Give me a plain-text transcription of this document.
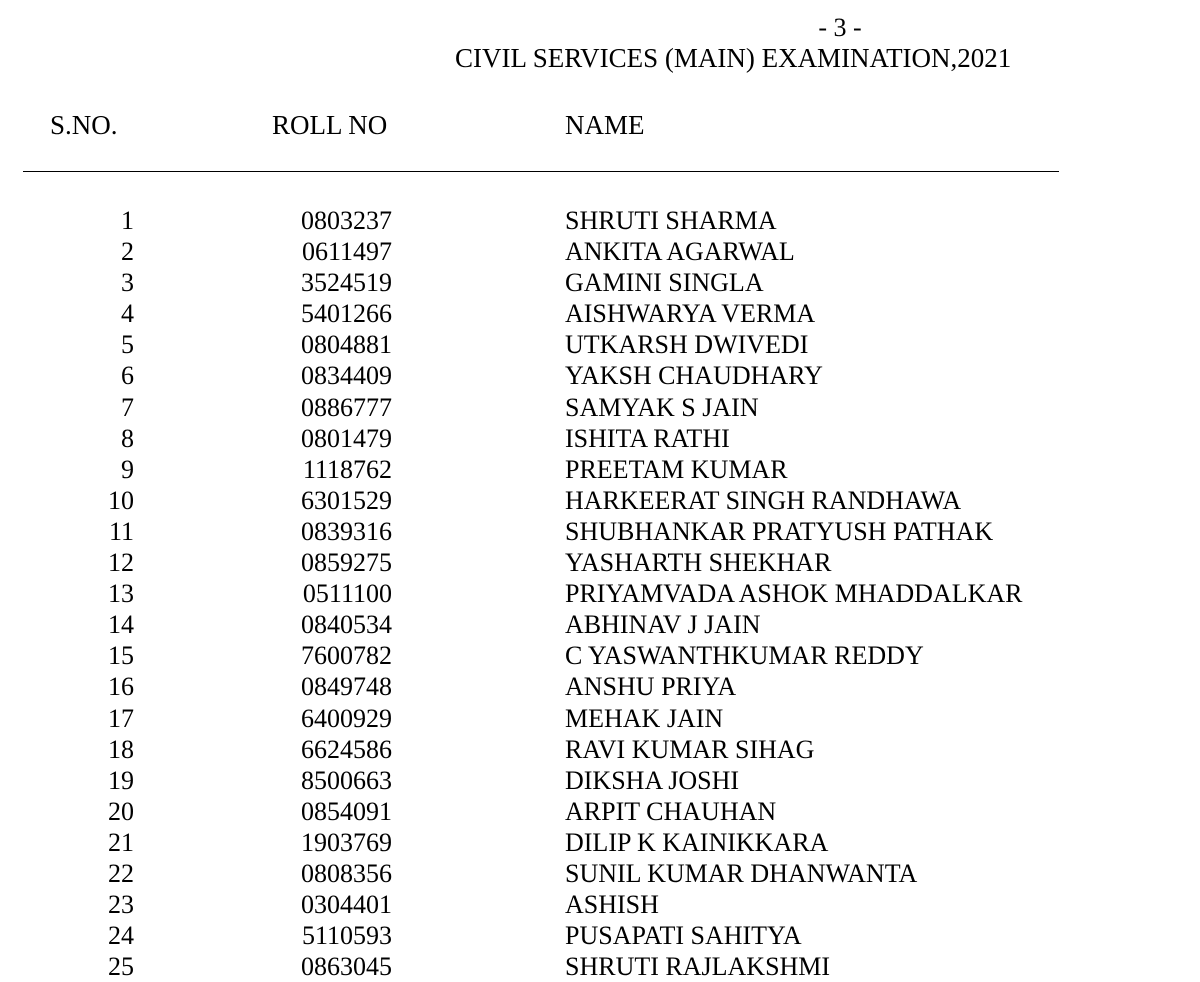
- 3 -
CIVIL SERVICES (MAIN) EXAMINATION,2021
S.NO.	ROLL NO	NAME
1	0803237	SHRUTI SHARMA
2	0611497	ANKITA AGARWAL
3	3524519	GAMINI SINGLA
4	5401266	AISHWARYA VERMA
5	0804881	UTKARSH DWIVEDI
6	0834409	YAKSH CHAUDHARY
7	0886777	SAMYAK S JAIN
8	0801479	ISHITA RATHI
9	1118762	PREETAM KUMAR
10	6301529	HARKEERAT SINGH RANDHAWA
11	0839316	SHUBHANKAR PRATYUSH PATHAK
12	0859275	YASHARTH SHEKHAR
13	0511100	PRIYAMVADA ASHOK MHADDALKAR
14	0840534	ABHINAV J JAIN
15	7600782	C YASWANTHKUMAR REDDY
16	0849748	ANSHU PRIYA
17	6400929	MEHAK JAIN
18	6624586	RAVI KUMAR SIHAG
19	8500663	DIKSHA JOSHI
20	0854091	ARPIT CHAUHAN
21	1903769	DILIP K KAINIKKARA
22	0808356	SUNIL KUMAR DHANWANTA
23	0304401	ASHISH
24	5110593	PUSAPATI SAHITYA
25	0863045	SHRUTI RAJLAKSHMI
